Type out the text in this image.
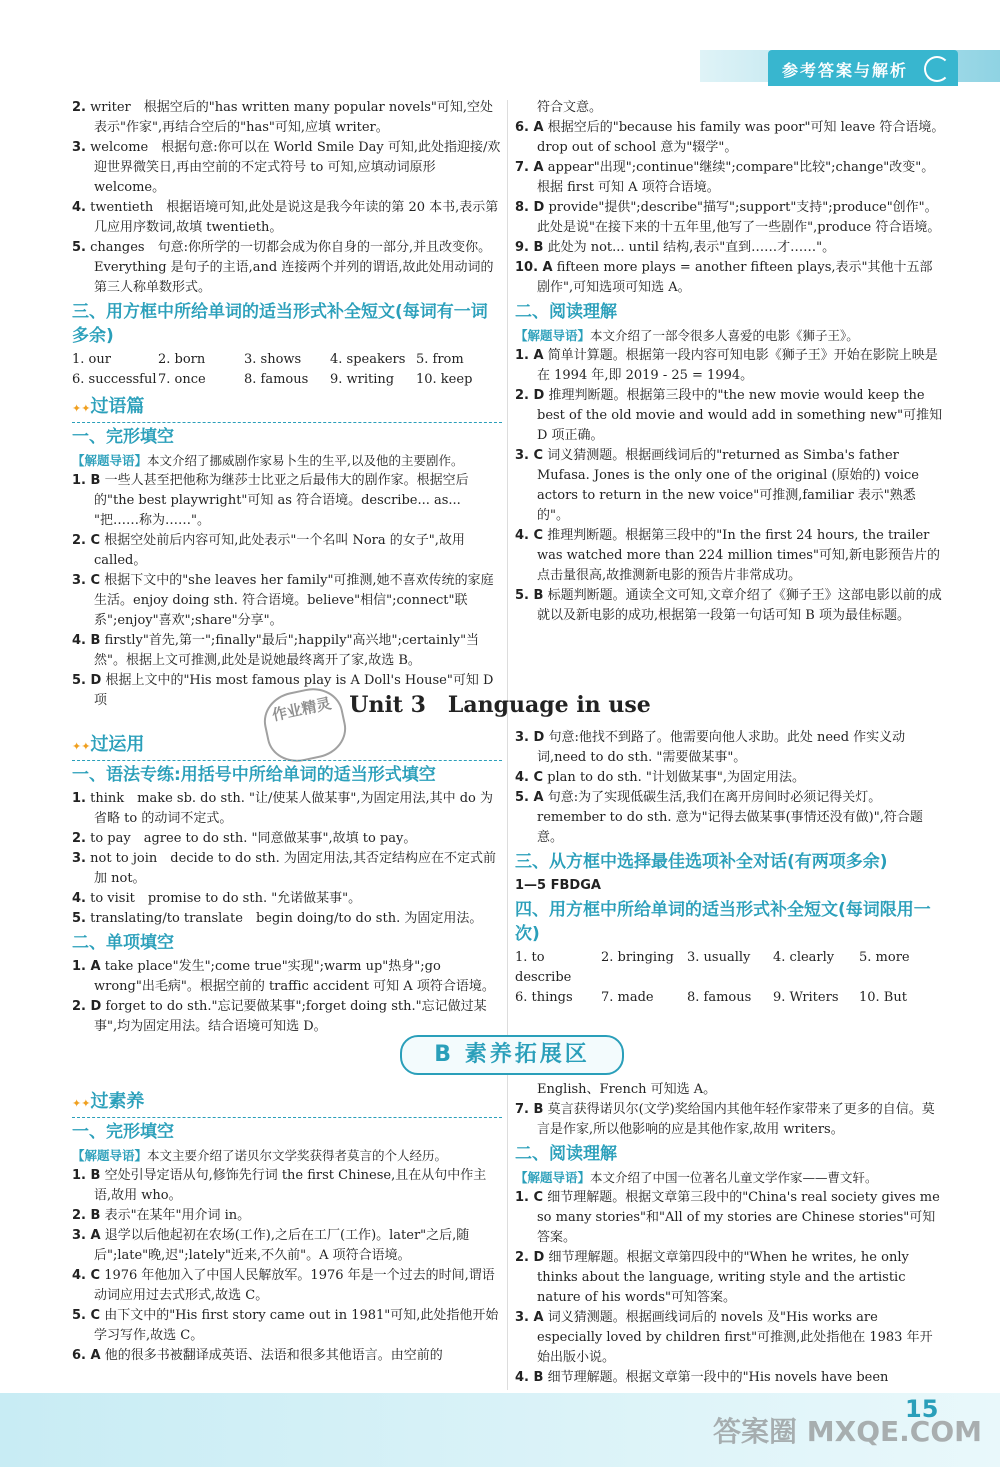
参考答案与解析
2. writer　根据空后的"has written many popular novels"可知,空处表示"作家",再结合空后的"has"可知,应填 writer。
3. welcome　根据句意:你可以在 World Smile Day 可知,此处指迎接/欢迎世界微笑日,再由空前的不定式符号 to 可知,应填动词原形 welcome。
4. twentieth　根据语境可知,此处是说这是我今年读的第 20 本书,表示第几应用序数词,故填 twentieth。
5. changes　句意:你所学的一切都会成为你自身的一部分,并且改变你。Everything 是句子的主语,and 连接两个并列的谓语,故此处用动词的第三人称单数形式。
三、用方框中所给单词的适当形式补全短文(每词有一词多余)
1. our	2. born	3. shows	4. speakers 5. from
6. successful 7. once	8. famous	9. writing	10. keep
✦✦ 过语篇
一、完形填空
【解题导语】本文介绍了挪威剧作家易卜生的生平,以及他的主要剧作。
1. B 一些人甚至把他称为继莎士比亚之后最伟大的剧作家。根据空后的"the best playwright"可知 as 符合语境。describe... as... "把……称为……"。
2. C 根据空处前后内容可知,此处表示"一个名叫 Nora 的女子",故用 called。
3. C 根据下文中的"she leaves her family"可推测,她不喜欢传统的家庭生活。enjoy doing sth. 符合语境。believe"相信";connect"联系";enjoy"喜欢";share"分享"。
4. B firstly"首先,第一";finally"最后";happily"高兴地";certainly"当然"。根据上文可推测,此处是说她最终离开了家,故选 B。
5. D 根据上文中的"His most famous play is A Doll's House"可知 D 项
符合文意。
6. A 根据空后的"because his family was poor"可知 leave 符合语境。drop out of school 意为"辍学"。
7. A appear"出现";continue"继续";compare"比较";change"改变"。根据 first 可知 A 项符合语境。
8. D provide"提供";describe"描写";support"支持";produce"创作"。此处是说"在接下来的十五年里,他写了一些剧作",produce 符合语境。
9. B 此处为 not... until 结构,表示"直到……才……"。
10. A fifteen more plays = another fifteen plays,表示"其他十五部剧作",可知选项可知选 A。
二、阅读理解
【解题导语】本文介绍了一部令很多人喜爱的电影《狮子王》。
1. A 简单计算题。根据第一段内容可知电影《狮子王》开始在影院上映是在 1994 年,即 2019 - 25 = 1994。
2. D 推理判断题。根据第三段中的"the new movie would keep the best of the old movie and would add in something new"可推知 D 项正确。
3. C 词义猜测题。根据画线词后的"returned as Simba's father Mufasa. Jones is the only one of the original (原始的) voice actors to return in the new voice"可推测,familiar 表示"熟悉的"。
4. C 推理判断题。根据第三段中的"In the first 24 hours, the trailer was watched more than 224 million times"可知,新电影预告片的点击量很高,故推测新电影的预告片非常成功。
5. B 标题判断题。通读全文可知,文章介绍了《狮子王》这部电影以前的成就以及新电影的成功,根据第一段第一句话可知 B 项为最佳标题。
Unit 3　Language in use
作业精灵
✦✦ 过运用
一、语法专练:用括号中所给单词的适当形式填空
1. think　make sb. do sth. "让/使某人做某事",为固定用法,其中 do 为省略 to 的动词不定式。
2. to pay　agree to do sth. "同意做某事",故填 to pay。
3. not to join　decide to do sth. 为固定用法,其否定结构应在不定式前加 not。
4. to visit　promise to do sth. "允诺做某事"。
5. translating/to translate　begin doing/to do sth. 为固定用法。
二、单项填空
1. A take place"发生";come true"实现";warm up"热身";go wrong"出毛病"。根据空前的 traffic accident 可知 A 项符合语境。
2. D forget to do sth."忘记要做某事";forget doing sth."忘记做过某事",均为固定用法。结合语境可知选 D。
3. D 句意:他找不到路了。他需要向他人求助。此处 need 作实义动词,need to do sth. "需要做某事"。
4. C plan to do sth. "计划做某事",为固定用法。
5. A 句意:为了实现低碳生活,我们在离开房间时必须记得关灯。remember to do sth. 意为"记得去做某事(事情还没有做)",符合题意。
三、从方框中选择最佳选项补全对话(有两项多余)
1—5 FBDGA
四、用方框中所给单词的适当形式补全短文(每词限用一次)
1. to describe
2. bringing	3. usually	4. clearly	5. more
6. things	7. made	8. famous	9. Writers	10. But
B 素养拓展区
✦✦ 过素养
一、完形填空
【解题导语】本文主要介绍了诺贝尔文学奖获得者莫言的个人经历。
1. B 空处引导定语从句,修饰先行词 the first Chinese,且在从句中作主语,故用 who。
2. B 表示"在某年"用介词 in。
3. A 退学以后他起初在农场(工作),之后在工厂(工作)。later"之后,随后";late"晚,迟";lately"近来,不久前"。A 项符合语境。
4. C 1976 年他加入了中国人民解放军。1976 年是一个过去的时间,谓语动词应用过去式形式,故选 C。
5. C 由下文中的"His first story came out in 1981"可知,此处指他开始学习写作,故选 C。
6. A 他的很多书被翻译成英语、法语和很多其他语言。由空前的
English、French 可知选 A。
7. B 莫言获得诺贝尔(文学)奖给国内其他年轻作家带来了更多的自信。莫言是作家,所以他影响的应是其他作家,故用 writers。
二、阅读理解
【解题导语】本文介绍了中国一位著名儿童文学作家——曹文轩。
1. C 细节理解题。根据文章第三段中的"China's real society gives me so many stories"和"All of my stories are Chinese stories"可知答案。
2. D 细节理解题。根据文章第四段中的"When he writes, he only thinks about the language, writing style and the artistic nature of his words"可知答案。
3. A 词义猜测题。根据画线词后的 novels 及"His works are especially loved by children first"可推测,此处指他在 1983 年开始出版小说。
4. B 细节理解题。根据文章第一段中的"His novels have been
15
答案圈 MXQE.COM
